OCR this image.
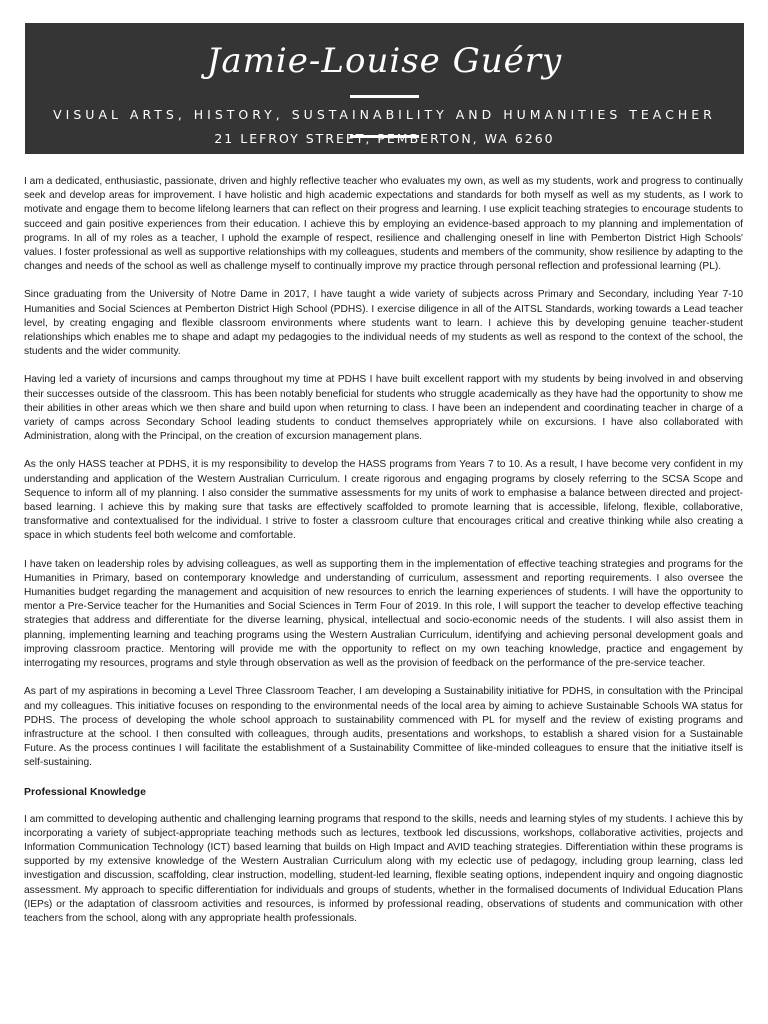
Jamie-Louise Guéry
VISUAL ARTS, HISTORY, SUSTAINABILITY AND HUMANITIES TEACHER
21 LEFROY STREET, PEMBERTON, WA 6260

I am a dedicated, enthusiastic, passionate, driven and highly reflective teacher who evaluates my own, as well as my students, work and progress to continually seek and develop areas for improvement. I have holistic and high academic expectations and standards for both myself as well as my students, as I work to motivate and engage them to become lifelong learners that can reflect on their progress and learning. I use explicit teaching strategies to encourage students to succeed and gain positive experiences from their education. I achieve this by employing an evidence-based approach to my planning and implementation of programs. In all of my roles as a teacher, I uphold the example of respect, resilience and challenging oneself in line with Pemberton District High Schools' values. I foster professional as well as supportive relationships with my colleagues, students and members of the community, show resilience by adapting to the changes and needs of the school as well as challenge myself to continually improve my practice through personal reflection and professional learning (PL).

Since graduating from the University of Notre Dame in 2017, I have taught a wide variety of subjects across Primary and Secondary, including Year 7-10 Humanities and Social Sciences at Pemberton District High School (PDHS). I exercise diligence in all of the AITSL Standards, working towards a Lead teacher level, by creating engaging and flexible classroom environments where students want to learn. I achieve this by developing genuine teacher-student relationships which enables me to shape and adapt my pedagogies to the individual needs of my students as well as respond to the context of the school, the students and the wider community.

Having led a variety of incursions and camps throughout my time at PDHS I have built excellent rapport with my students by being involved in and observing their successes outside of the classroom. This has been notably beneficial for students who struggle academically as they have had the opportunity to show me their abilities in other areas which we then share and build upon when returning to class. I have been an independent and coordinating teacher in charge of a variety of camps across Secondary School leading students to conduct themselves appropriately while on excursions. I have also collaborated with Administration, along with the Principal, on the creation of excursion management plans.

As the only HASS teacher at PDHS, it is my responsibility to develop the HASS programs from Years 7 to 10. As a result, I have become very confident in my understanding and application of the Western Australian Curriculum. I create rigorous and engaging programs by closely referring to the SCSA Scope and Sequence to inform all of my planning. I also consider the summative assessments for my units of work to emphasise a balance between directed and project-based learning. I achieve this by making sure that tasks are effectively scaffolded to promote learning that is accessible, lifelong, flexible, collaborative, transformative and contextualised for the individual. I strive to foster a classroom culture that encourages critical and creative thinking while also creating a space in which students feel both welcome and comfortable.

I have taken on leadership roles by advising colleagues, as well as supporting them in the implementation of effective teaching strategies and programs for the Humanities in Primary, based on contemporary knowledge and understanding of curriculum, assessment and reporting requirements. I also oversee the Humanities budget regarding the management and acquisition of new resources to enrich the learning experiences of students. I will have the opportunity to mentor a Pre-Service teacher for the Humanities and Social Sciences in Term Four of 2019. In this role, I will support the teacher to develop effective teaching strategies that address and differentiate for the diverse learning, physical, intellectual and socio-economic needs of the students. I will also assist them in planning, implementing learning and teaching programs using the Western Australian Curriculum, identifying and achieving personal development goals and improving classroom practice. Mentoring will provide me with the opportunity to reflect on my own teaching knowledge, practice and engagement by interrogating my resources, programs and style through observation as well as the provision of feedback on the performance of the pre-service teacher.

As part of my aspirations in becoming a Level Three Classroom Teacher, I am developing a Sustainability initiative for PDHS, in consultation with the Principal and my colleagues. This initiative focuses on responding to the environmental needs of the local area by aiming to achieve Sustainable Schools WA status for PDHS. The process of developing the whole school approach to sustainability commenced with PL for myself and the review of existing programs and infrastructure at the school. I then consulted with colleagues, through audits, presentations and workshops, to establish a shared vision for a Sustainable Future. As the process continues I will facilitate the establishment of a Sustainability Committee of like-minded colleagues to ensure that the initiative itself is self-sustaining.

Professional Knowledge

I am committed to developing authentic and challenging learning programs that respond to the skills, needs and learning styles of my students. I achieve this by incorporating a variety of subject-appropriate teaching methods such as lectures, textbook led discussions, workshops, collaborative activities, projects and Information Communication Technology (ICT) based learning that builds on High Impact and AVID teaching strategies. Differentiation within these programs is supported by my extensive knowledge of the Western Australian Curriculum along with my eclectic use of pedagogy, including group learning, class led investigation and discussion, scaffolding, clear instruction, modelling, student-led learning, flexible seating options, independent inquiry and ongoing diagnostic assessment. My approach to specific differentiation for individuals and groups of students, whether in the formalised documents of Individual Education Plans (IEPs) or the adaptation of classroom activities and resources, is informed by professional reading, observations of students and communication with other teachers from the school, along with any appropriate health professionals.
